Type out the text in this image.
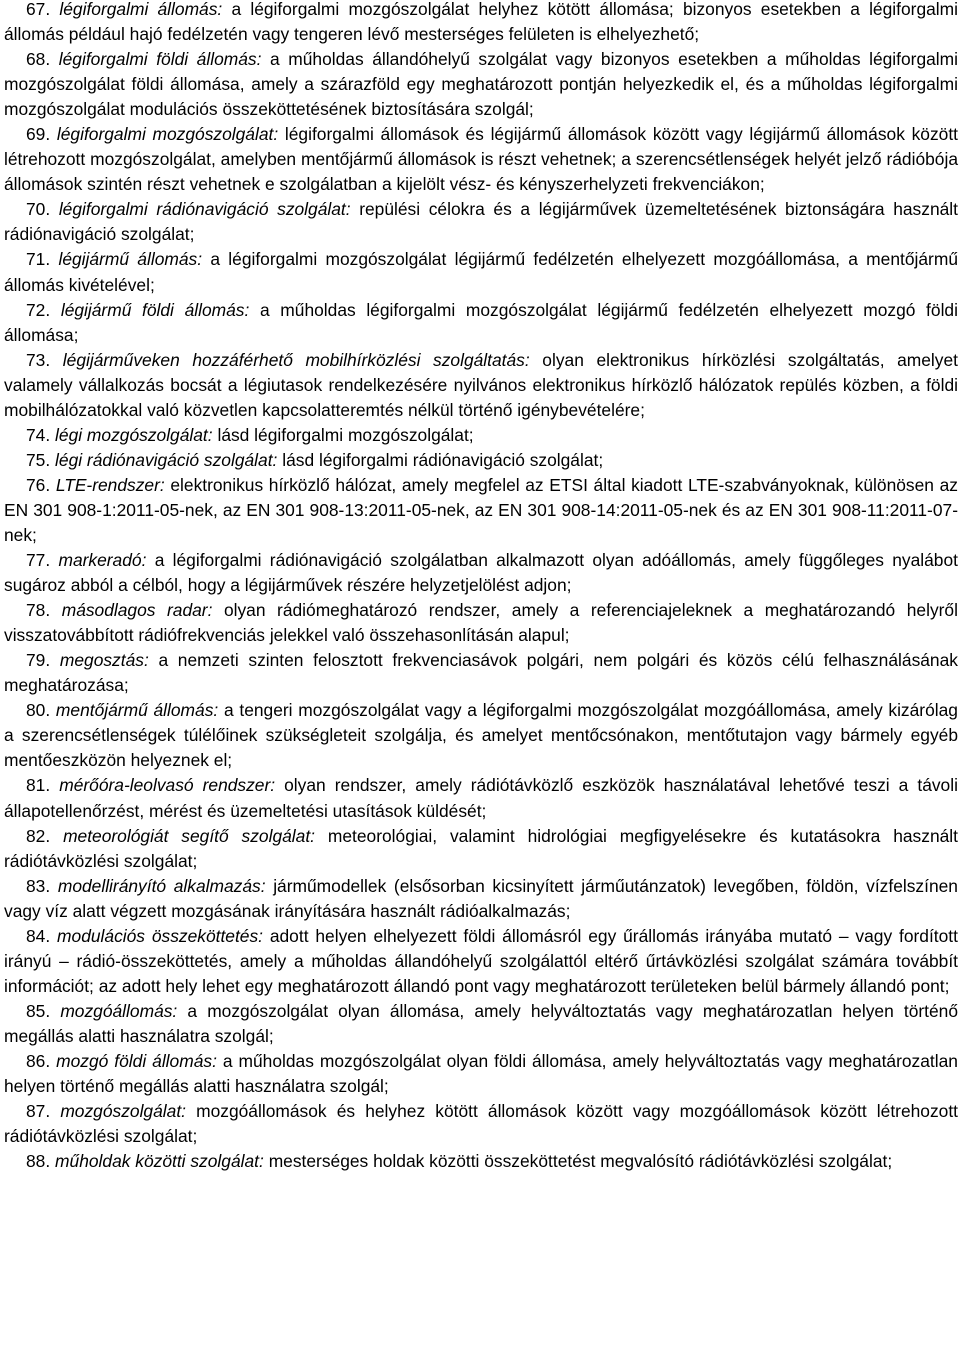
67. légiforgalmi állomás: a légiforgalmi mozgószolgálat helyhez kötött állomása; bizonyos esetekben a légiforgalmi állomás például hajó fedélzetén vagy tengeren lévő mesterséges felületen is elhelyezhető;

68. légiforgalmi földi állomás: a műholdas állandóhelyű szolgálat vagy bizonyos esetekben a műholdas légiforgalmi mozgószolgálat földi állomása, amely a szárazföld egy meghatározott pontján helyezkedik el, és a műholdas légiforgalmi mozgószolgálat modulációs összeköttetésének biztosítására szolgál;

69. légiforgalmi mozgószolgálat: légiforgalmi állomások és légijármű állomások között vagy légijármű állomások között létrehozott mozgószolgálat, amelyben mentőjármű állomások is részt vehetnek; a szerencsétlenségek helyét jelző rádióbója állomások szintén részt vehetnek e szolgálatban a kijelölt vész- és kényszerhelyzeti frekvenciákon;

70. légiforgalmi rádiónavigáció szolgálat: repülési célokra és a légijárművek üzemeltetésének biztonságára használt rádiónavigáció szolgálat;

71. légijármű állomás: a légiforgalmi mozgószolgálat légijármű fedélzetén elhelyezett mozgóállomása, a mentőjármű állomás kivételével;

72. légijármű földi állomás: a műholdas légiforgalmi mozgószolgálat légijármű fedélzetén elhelyezett mozgó földi állomása;

73. légijárműveken hozzáférhető mobilhírközlési szolgáltatás: olyan elektronikus hírközlési szolgáltatás, amelyet valamely vállalkozás bocsát a légiutasok rendelkezésére nyilvános elektronikus hírközlő hálózatok repülés közben, a földi mobilhálózatokkal való közvetlen kapcsolatteremtés nélkül történő igénybevételére;

74. légi mozgószolgálat: lásd légiforgalmi mozgószolgálat;

75. légi rádiónavigáció szolgálat: lásd légiforgalmi rádiónavigáció szolgálat;

76. LTE-rendszer: elektronikus hírközlő hálózat, amely megfelel az ETSI által kiadott LTE-szabványoknak, különösen az EN 301 908-1:2011-05-nek, az EN 301 908-13:2011-05-nek, az EN 301 908-14:2011-05-nek és az EN 301 908-11:2011-07-nek;

77. markeradó: a légiforgalmi rádiónavigáció szolgálatban alkalmazott olyan adóállomás, amely függőleges nyalábot sugároz abból a célból, hogy a légijárművek részére helyzetjelölést adjon;

78. másodlagos radar: olyan rádiómeghatározó rendszer, amely a referenciajeleknek a meghatározandó helyről visszatovábbított rádiófrekvenciás jelekkel való összehasonlításán alapul;

79. megosztás: a nemzeti szinten felosztott frekvenciasávok polgári, nem polgári és közös célú felhasználásának meghatározása;

80. mentőjármű állomás: a tengeri mozgószolgálat vagy a légiforgalmi mozgószolgálat mozgóállomása, amely kizárólag a szerencsétlenségek túlélőinek szükségleteit szolgálja, és amelyet mentőcsónakon, mentőtutajon vagy bármely egyéb mentőeszközön helyeznek el;

81. mérőóra-leolvasó rendszer: olyan rendszer, amely rádiótávközlő eszközök használatával lehetővé teszi a távoli állapotellenőrzést, mérést és üzemeltetési utasítások küldését;

82. meteorológiát segítő szolgálat: meteorológiai, valamint hidrológiai megfigyelésekre és kutatásokra használt rádiótávközlési szolgálat;

83. modellirányító alkalmazás: járműmodellek (elsősorban kicsinyített járműutánzatok) levegőben, földön, vízfelszínen vagy víz alatt végzett mozgásának irányítására használt rádióalkalmazás;

84. modulációs összeköttetés: adott helyen elhelyezett földi állomásról egy űrállomás irányába mutató – vagy fordított irányú – rádió-összeköttetés, amely a műholdas állandóhelyű szolgálattól eltérő űrtávközlési szolgálat számára továbbít információt; az adott hely lehet egy meghatározott állandó pont vagy meghatározott területeken belül bármely állandó pont;

85. mozgóállomás: a mozgószolgálat olyan állomása, amely helyváltoztatás vagy meghatározatlan helyen történő megállás alatti használatra szolgál;

86. mozgó földi állomás: a műholdas mozgószolgálat olyan földi állomása, amely helyváltoztatás vagy meghatározatlan helyen történő megállás alatti használatra szolgál;

87. mozgószolgálat: mozgóállomások és helyhez kötött állomások között vagy mozgóállomások között létrehozott rádiótávközlési szolgálat;

88. műholdak közötti szolgálat: mesterséges holdak közötti összeköttetést megvalósító rádiótávközlési szolgálat;
